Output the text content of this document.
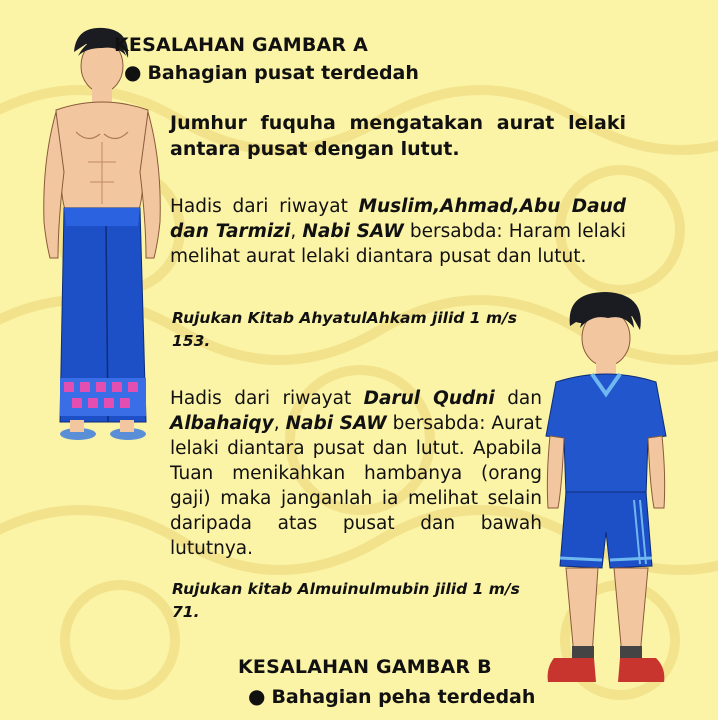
KESALAHAN GAMBAR A
● Bahagian pusat terdedah
Jumhur fuquha mengatakan aurat lelaki antara pusat dengan lutut.
Hadis dari riwayat Muslim,Ahmad,Abu Daud dan Tarmizi, Nabi SAW bersabda: Haram lelaki melihat aurat lelaki diantara pusat dan lutut.
Rujukan Kitab AhyatulAhkam jilid 1 m/s 153.
Hadis dari riwayat Darul Qudni dan Albahaiqy, Nabi SAW bersabda: Aurat lelaki diantara pusat dan lutut. Apabila Tuan menikahkan hambanya (orang gaji) maka janganlah ia melihat selain daripada atas pusat dan bawah lututnya.
Rujukan kitab Almuinulmubin jilid 1 m/s 71.
KESALAHAN GAMBAR B
● Bahagian peha terdedah
